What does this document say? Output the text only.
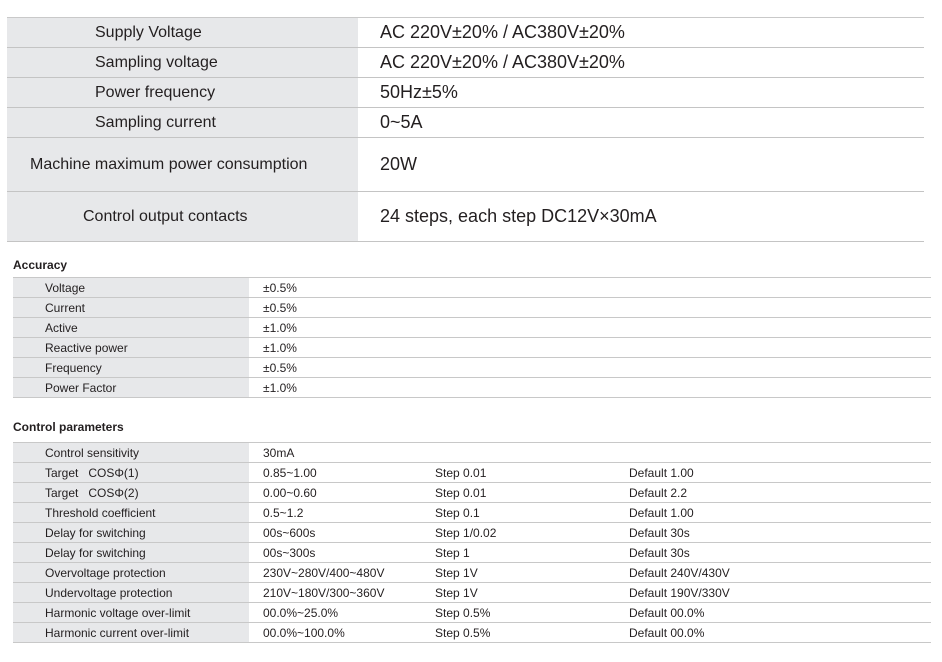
Supply Voltage	AC 220V±20% / AC380V±20%
Sampling voltage	AC 220V±20% / AC380V±20%
Power frequency	50Hz±5%
Sampling current	0~5A
Machine maximum power consumption	20W
Control output contacts	24 steps, each step DC12V×30mA
Accuracy
Voltage	±0.5%
Current	±0.5%
Active	±1.0%
Reactive power	±1.0%
Frequency	±0.5%
Power Factor	±1.0%
Control parameters
Control sensitivity	30mA
Target   COSΦ(1)	0.85~1.00	Step 0.01	Default 1.00
Target   COSΦ(2)	0.00~0.60	Step 0.01	Default 2.2
Threshold coefficient	0.5~1.2	Step 0.1	Default 1.00
Delay for switching	00s~600s	Step 1/0.02	Default 30s
Delay for switching	00s~300s	Step 1	Default 30s
Overvoltage protection	230V~280V/400~480V	Step 1V	Default 240V/430V
Undervoltage protection	210V~180V/300~360V	Step 1V	Default 190V/330V
Harmonic voltage over-limit	00.0%~25.0%	Step 0.5%	Default 00.0%
Harmonic current over-limit	00.0%~100.0%	Step 0.5%	Default 00.0%
